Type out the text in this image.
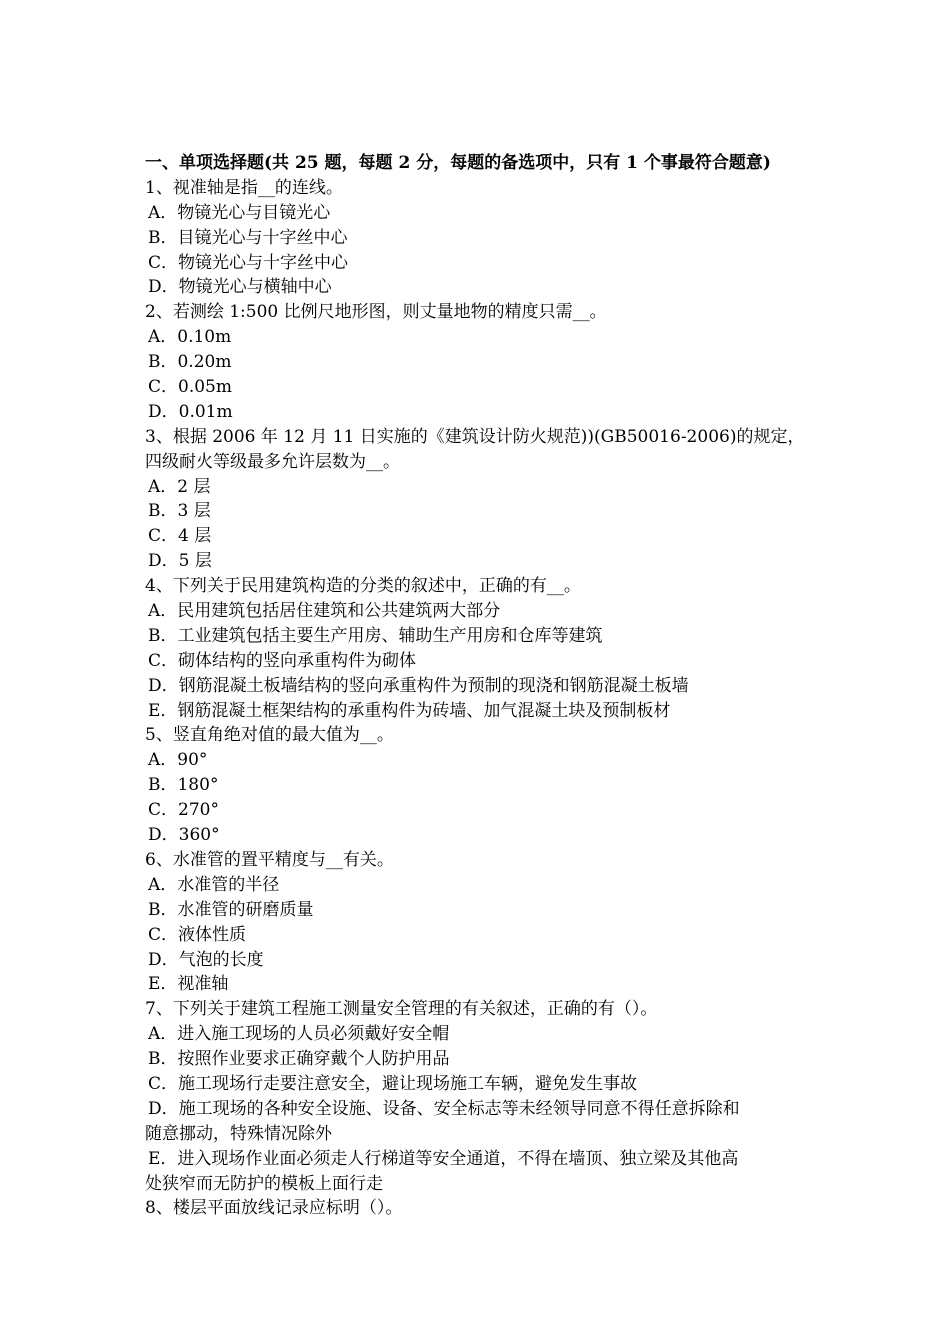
一、单项选择题(共 25 题，每题 2 分，每题的备选项中，只有 1 个事最符合题意)
1、视准轴是指__的连线。
A．物镜光心与目镜光心
B．目镜光心与十字丝中心
C．物镜光心与十字丝中心
D．物镜光心与横轴中心
2、若测绘 1:500 比例尺地形图，则丈量地物的精度只需__。
A．0.10m
B．0.20m
C．0.05m
D．0.01m
3、根据 2006 年 12 月 11 日实施的《建筑设计防火规范))(GB50016-2006)的规定，
四级耐火等级最多允许层数为__。
A．2 层
B．3 层
C．4 层
D．5 层
4、下列关于民用建筑构造的分类的叙述中，正确的有__。
A．民用建筑包括居住建筑和公共建筑两大部分
B．工业建筑包括主要生产用房、辅助生产用房和仓库等建筑
C．砌体结构的竖向承重构件为砌体
D．钢筋混凝土板墙结构的竖向承重构件为预制的现浇和钢筋混凝土板墙
E．钢筋混凝土框架结构的承重构件为砖墙、加气混凝土块及预制板材
5、竖直角绝对值的最大值为__。
A．90°
B．180°
C．270°
D．360°
6、水准管的置平精度与__有关。
A．水准管的半径
B．水准管的研磨质量
C．液体性质
D．气泡的长度
E．视准轴
7、下列关于建筑工程施工测量安全管理的有关叙述，正确的有（）。
A．进入施工现场的人员必须戴好安全帽
B．按照作业要求正确穿戴个人防护用品
C．施工现场行走要注意安全，避让现场施工车辆，避免发生事故
D．施工现场的各种安全设施、设备、安全标志等未经领导同意不得任意拆除和
随意挪动，特殊情况除外
E．进入现场作业面必须走人行梯道等安全通道，不得在墙顶、独立梁及其他高
处狭窄而无防护的模板上面行走
8、楼层平面放线记录应标明（）。
